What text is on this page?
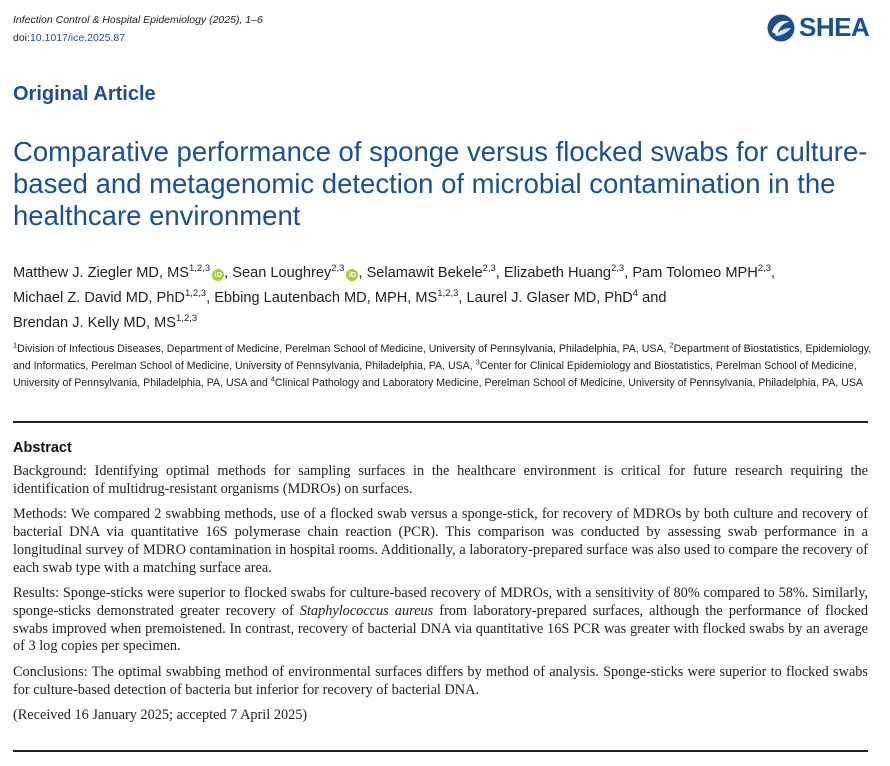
Infection Control & Hospital Epidemiology (2025), 1–6
doi:10.1017/ice.2025.87	SHEA
Original Article
Comparative performance of sponge versus flocked swabs for culture-based and metagenomic detection of microbial contamination in the healthcare environment
Matthew J. Ziegler MD, MS$^{1,2,3}$iD , Sean Loughrey$^{2,3}$iD , Selamawit Bekele$^{2,3}$, Elizabeth Huang$^{2,3}$, Pam Tolomeo MPH$^{2,3}$,
Michael Z. David MD, PhD$^{1,2,3}$, Ebbing Lautenbach MD, MPH, MS$^{1,2,3}$, Laurel J. Glaser MD, PhD$^4$ and
Brendan J. Kelly MD, MS$^{1,2,3}$
$^1$Division of Infectious Diseases, Department of Medicine, Perelman School of Medicine, University of Pennsylvania, Philadelphia, PA, USA, $^2$Department of Biostatistics, Epidemiology, and Informatics, Perelman School of Medicine, University of Pennsylvania, Philadelphia, PA, USA, $^3$Center for Clinical Epidemiology and Biostatistics, Perelman School of Medicine, University of Pennsylvania, Philadelphia, PA, USA and $^4$Clinical Pathology and Laboratory Medicine, Perelman School of Medicine, University of Pennsylvania, Philadelphia, PA, USA
Abstract

Background: Identifying optimal methods for sampling surfaces in the healthcare environment is critical for future research requiring the identification of multidrug-resistant organisms (MDROs) on surfaces.

Methods: We compared 2 swabbing methods, use of a flocked swab versus a sponge-stick, for recovery of MDROs by both culture and recovery of bacterial DNA via quantitative 16S polymerase chain reaction (PCR). This comparison was conducted by assessing swab performance in a longitudinal survey of MDRO contamination in hospital rooms. Additionally, a laboratory-prepared surface was also used to compare the recovery of each swab type with a matching surface area.

Results: Sponge-sticks were superior to flocked swabs for culture-based recovery of MDROs, with a sensitivity of 80% compared to 58%. Similarly, sponge-sticks demonstrated greater recovery of Staphylococcus aureus from laboratory-prepared surfaces, although the performance of flocked swabs improved when premoistened. In contrast, recovery of bacterial DNA via quantitative 16S PCR was greater with flocked swabs by an average of 3 log copies per specimen.

Conclusions: The optimal swabbing method of environmental surfaces differs by method of analysis. Sponge-sticks were superior to flocked swabs for culture-based detection of bacteria but inferior for recovery of bacterial DNA.

(Received 16 January 2025; accepted 7 April 2025)
